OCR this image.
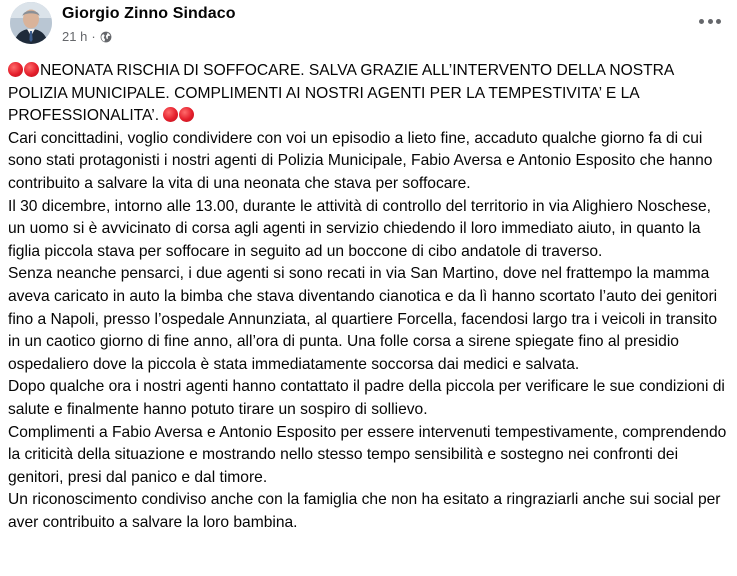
Giorgio Zinno Sindaco
21 h ·

NEONATA RISCHIA DI SOFFOCARE. SALVA GRAZIE ALL’INTERVENTO DELLA NOSTRA POLIZIA MUNICIPALE. COMPLIMENTI AI NOSTRI AGENTI PER LA TEMPESTIVITA’ E LA PROFESSIONALITA’.

Cari concittadini, voglio condividere con voi un episodio a lieto fine, accaduto qualche giorno fa di cui sono stati protagonisti i nostri agenti di Polizia Municipale, Fabio Aversa e Antonio Esposito che hanno contribuito a salvare la vita di una neonata che stava per soffocare.

Il 30 dicembre, intorno alle 13.00, durante le attività di controllo del territorio in via Alighiero Noschese, un uomo si è avvicinato di corsa agli agenti in servizio chiedendo il loro immediato aiuto, in quanto la figlia piccola stava per soffocare in seguito ad un boccone di cibo andatole di traverso.

Senza neanche pensarci, i due agenti si sono recati in via San Martino, dove nel frattempo la mamma aveva caricato in auto la bimba che stava diventando cianotica e da lì hanno scortato l’auto dei genitori fino a Napoli, presso l’ospedale Annunziata, al quartiere Forcella, facendosi largo tra i veicoli in transito in un caotico giorno di fine anno, all’ora di punta. Una folle corsa a sirene spiegate fino al presidio ospedaliero dove la piccola è stata immediatamente soccorsa dai medici e salvata.

Dopo qualche ora i nostri agenti hanno contattato il padre della piccola per verificare le sue condizioni di salute e finalmente hanno potuto tirare un sospiro di sollievo.

Complimenti a Fabio Aversa e Antonio Esposito per essere intervenuti tempestivamente, comprendendo la criticità della situazione e mostrando nello stesso tempo sensibilità e sostegno nei confronti dei genitori, presi dal panico e dal timore.

Un riconoscimento condiviso anche con la famiglia che non ha esitato a ringraziarli anche sui social per aver contribuito a salvare la loro bambina.
